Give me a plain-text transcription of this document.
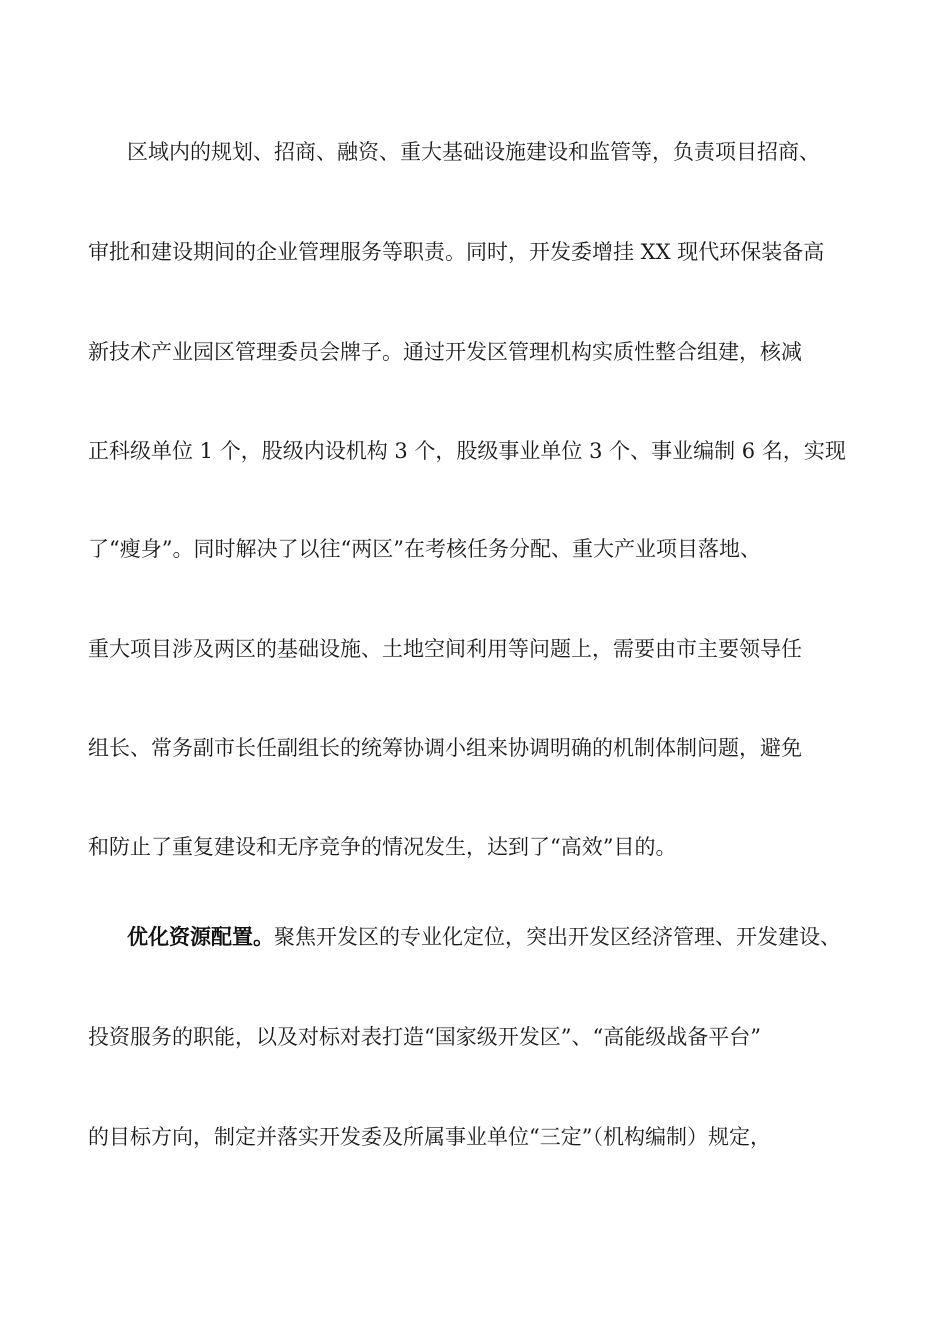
区域内的规划、招商、融资、重大基础设施建设和监管等，负责项目招商、
审批和建设期间的企业管理服务等职责。同时，开发委增挂 XX 现代环保装备高
新技术产业园区管理委员会牌子。通过开发区管理机构实质性整合组建，核减
正科级单位 1 个，股级内设机构 3 个，股级事业单位 3 个、事业编制 6 名，实现
了“瘦身”。同时解决了以往“两区”在考核任务分配、重大产业项目落地、
重大项目涉及两区的基础设施、土地空间利用等问题上，需要由市主要领导任
组长、常务副市长任副组长的统筹协调小组来协调明确的机制体制问题，避免
和防止了重复建设和无序竞争的情况发生，达到了“高效”目的。
优化资源配置。 聚焦开发区的专业化定位，突出开发区经济管理、开发建设、
投资服务的职能，以及对标对表打造“国家级开发区”、“高能级战备平台”
的目标方向，制定并落实开发委及所属事业单位“三定”（机构编制）规定，
